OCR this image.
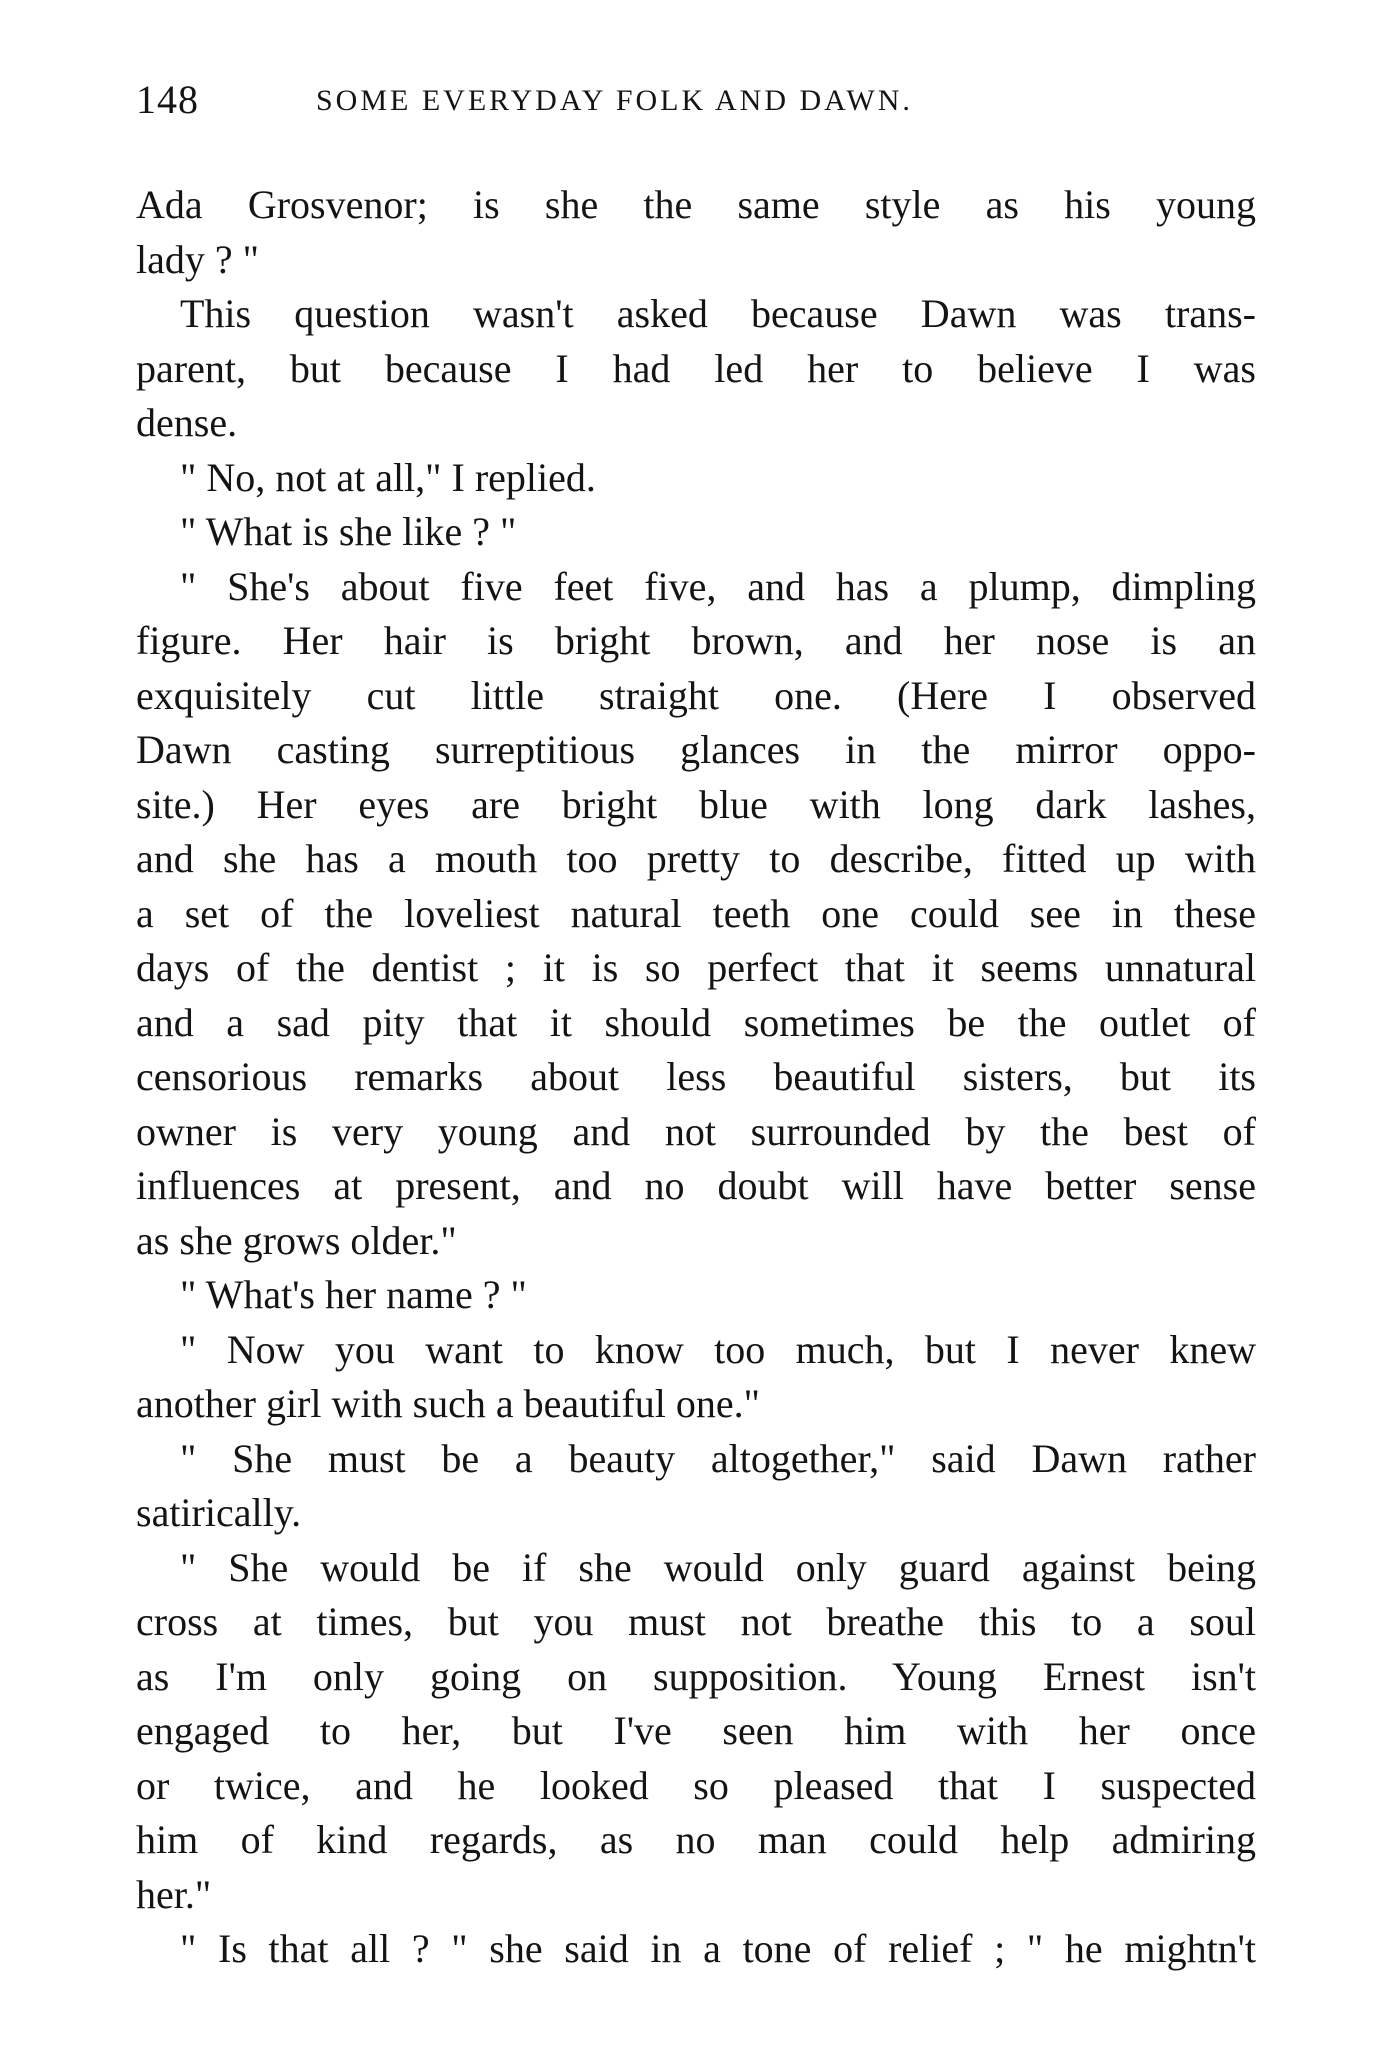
148	SOME EVERYDAY FOLK AND DAWN.
Ada Grosvenor; is she the same style as his young
lady ? "
This question wasn't asked because Dawn was trans-
parent, but because I had led her to believe I was
dense.
" No, not at all," I replied.
" What is she like ? "
" She's about five feet five, and has a plump, dimpling
figure. Her hair is bright brown, and her nose is an
exquisitely cut little straight one. (Here I observed
Dawn casting surreptitious glances in the mirror oppo-
site.) Her eyes are bright blue with long dark lashes,
and she has a mouth too pretty to describe, fitted up with
a set of the loveliest natural teeth one could see in these
days of the dentist ; it is so perfect that it seems unnatural
and a sad pity that it should sometimes be the outlet of
censorious remarks about less beautiful sisters, but its
owner is very young and not surrounded by the best of
influences at present, and no doubt will have better sense
as she grows older."
" What's her name ? "
" Now you want to know too much, but I never knew
another girl with such a beautiful one."
" She must be a beauty altogether," said Dawn rather
satirically.
" She would be if she would only guard against being
cross at times, but you must not breathe this to a soul
as I'm only going on supposition. Young Ernest isn't
engaged to her, but I've seen him with her once
or twice, and he looked so pleased that I suspected
him of kind regards, as no man could help admiring
her."
" Is that all ? " she said in a tone of relief ; " he mightn't
